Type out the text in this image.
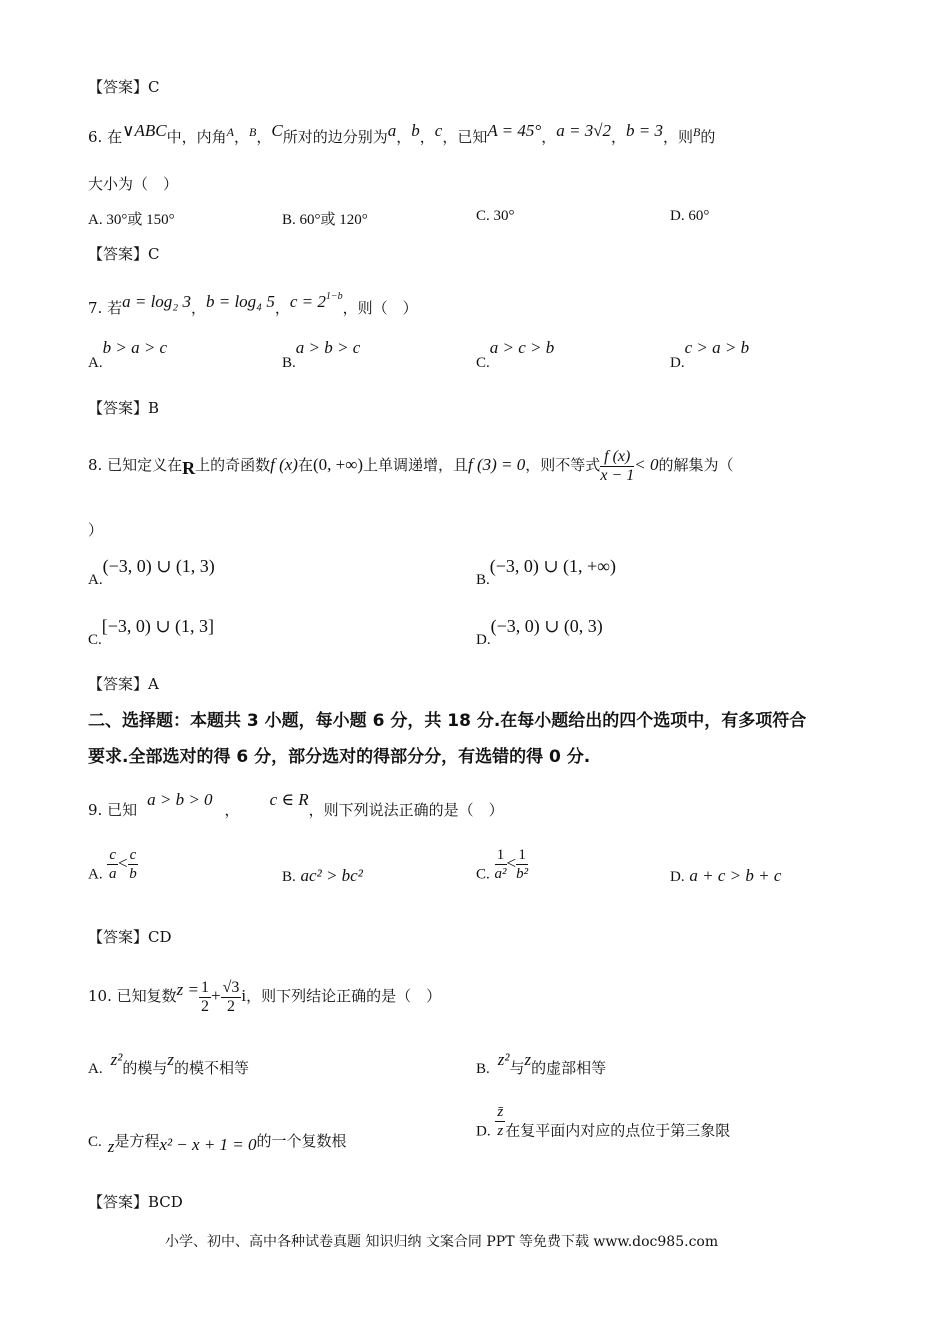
【答案】C
6. 在∨ABC中，内角$^A$，$^B$，C所对的边分别为a，b，c，已知A = 45°，a = 3√2，b = 3，则$^B$的
大小为（　）
A. 30°或 150°	B. 60°或 120°	C. 30°	D. 60°
【答案】C
7. 若a = log₂ 3，b = log₄ 5，$c = 2^{1-b}$，则（　）
A.b > a > c
B.a > b > c
C.a > c > b
D.c > a > b
【答案】B
8. 已知定义在R上的奇函数f (x)在(0, +∞)上单调递增，且f (3) = 0，则不等式 $\frac{f (x)}{x - 1} < 0$的解集为（
）
A.(−3, 0) ∪ (1, 3)
B.(−3, 0) ∪ (1, +∞)
C.[−3, 0) ∪ (1, 3]
D.(−3, 0) ∪ (0, 3)
【答案】A
二、选择题：本题共 3 小题，每小题 6 分，共 18 分.在每小题给出的四个选项中，有多项符合
要求.全部选对的得 6 分，部分选对的得部分分，有选错的得 0 分.
9. 已知a > b > 0，c ∈ R，则下列说法正确的是（　）
A. $\frac{c}{a} < \frac{c}{b}$	B. ac² > bc²	C. $\frac{1}{\text{a²}} < \frac{1}{\text{b²}}$	D. a + c > b + c
【答案】CD
10. 已知复数$z = \frac{1}{2} + \frac{√3}{2}$ i，则下列结论正确的是（　）
A. z²的模与z的模不相等	B. z²与z的虚部相等
C. z是方程x² − x + 1 = 0的一个复数根
D. $\frac{z̄}{z}$ 在复平面内对应的点位于第三象限
【答案】BCD
小学、初中、高中各种试卷真题 知识归纳 文案合同 PPT 等免费下载 www.doc985.com
